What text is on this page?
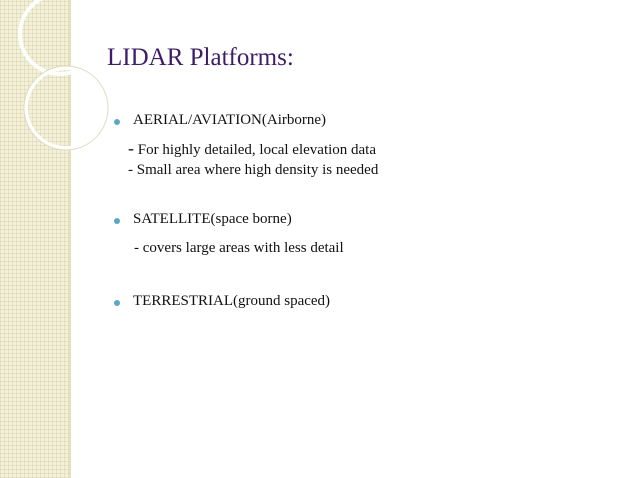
LIDAR Platforms:
AERIAL/AVIATION(Airborne)
- For highly detailed, local elevation data
- Small area where high density is needed
SATELLITE(space borne)
- covers large areas with less detail
TERRESTRIAL(ground spaced)
